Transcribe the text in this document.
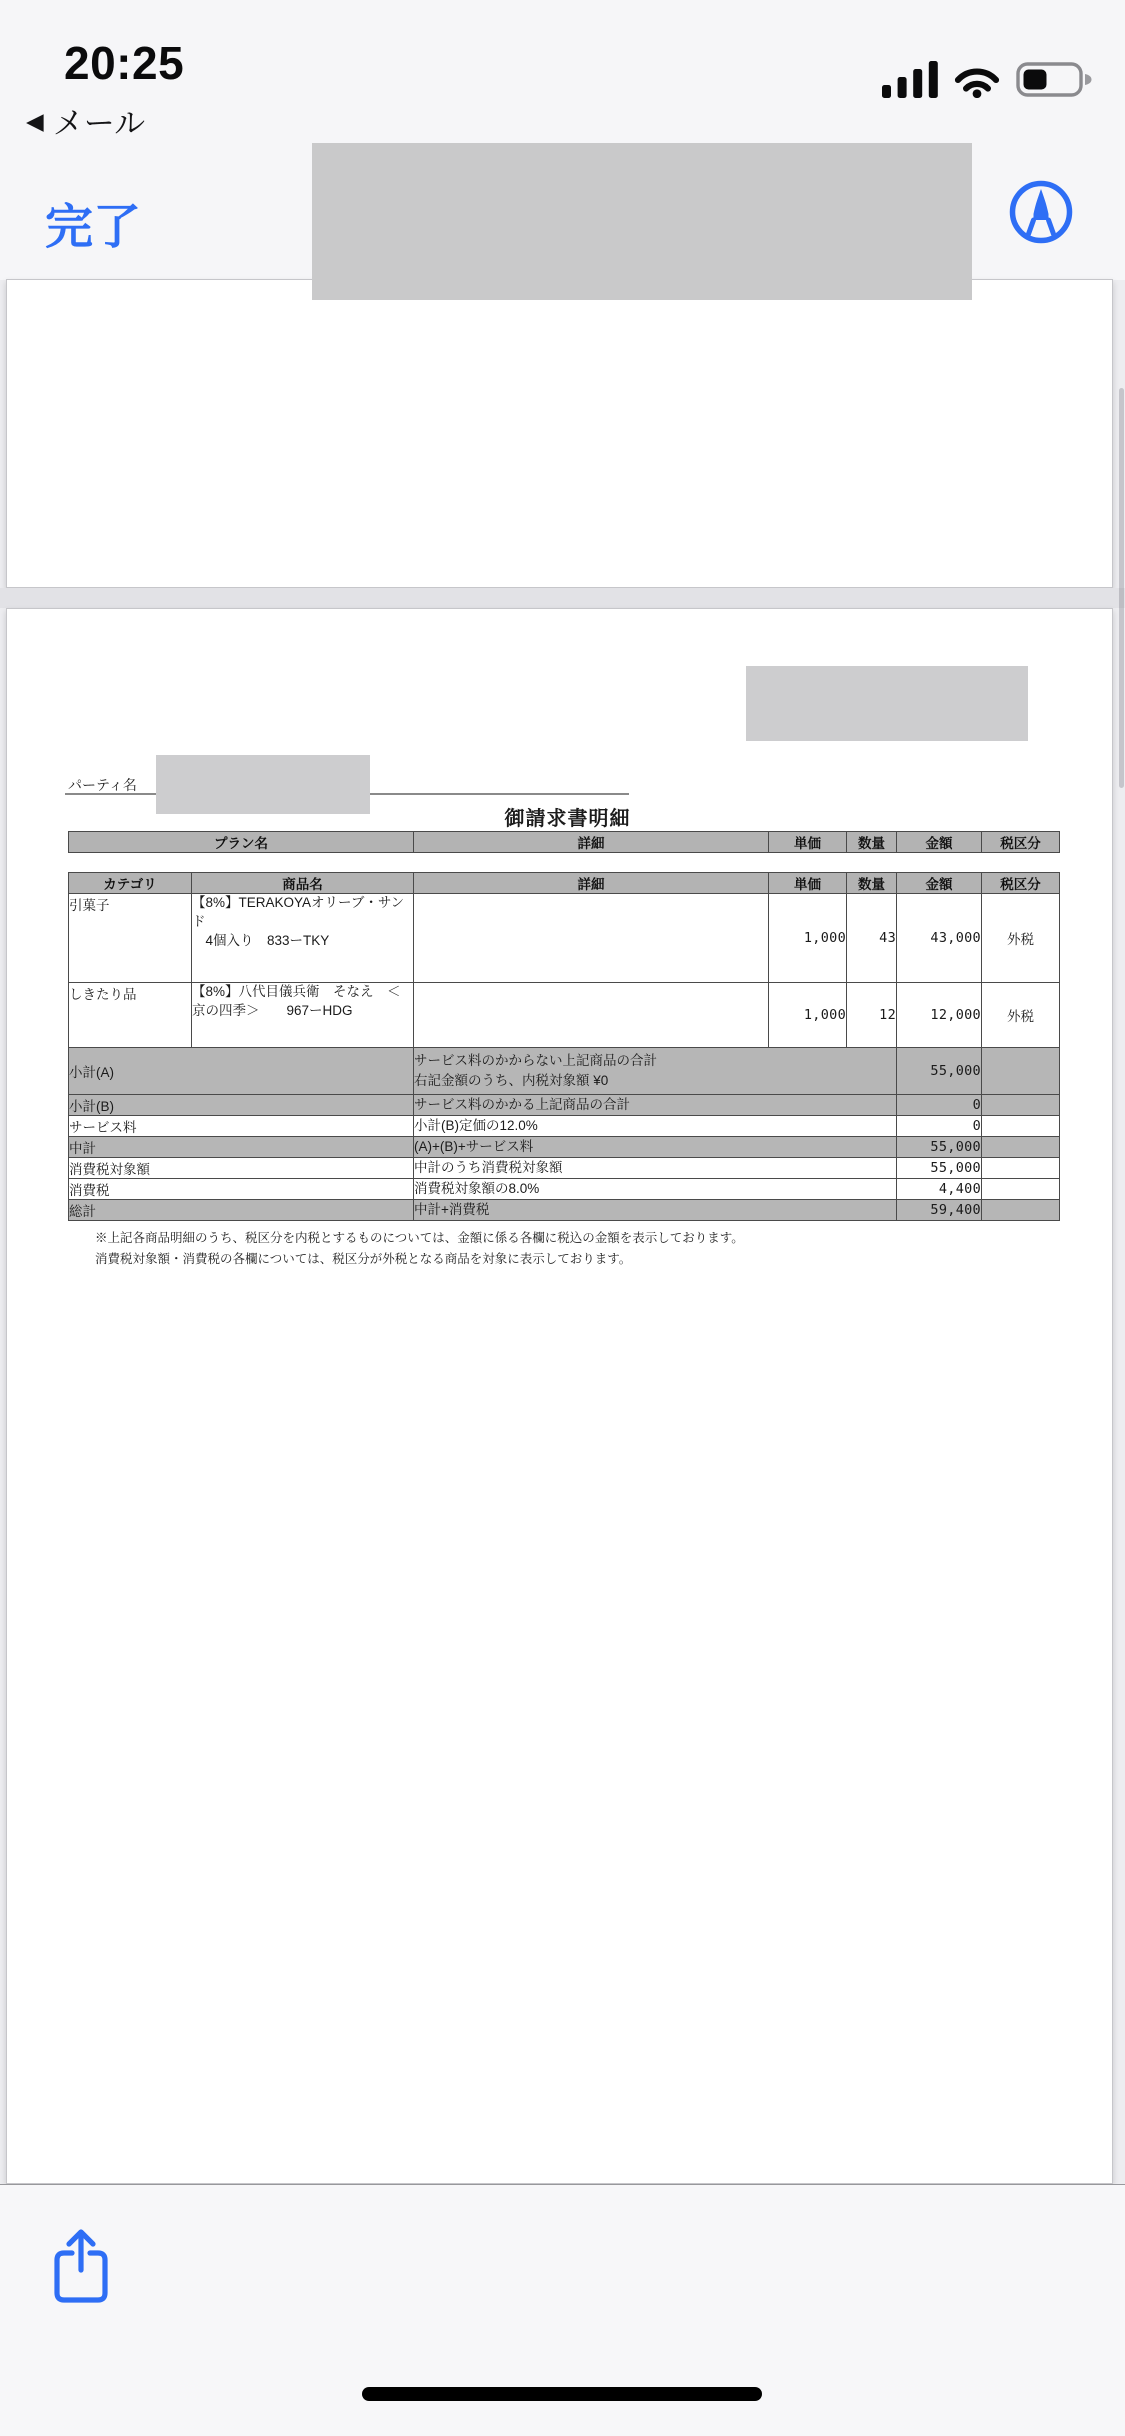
20:25
◀ メール
完了
パーティ名
御請求書明細
プラン名	詳細	単価	数量	金額	税区分
カテゴリ	商品名	詳細	単価	数量	金額	税区分
引菓子	【8%】TERAKOYAオリーブ・サンド
　4個入り　833ーTKY		1,000	43	43,000	外税
しきたり品	【8%】八代目儀兵衛　そなえ　＜
京の四季＞　　967ーHDG		1,000	12	12,000	外税
小計(A)		サービス料のかからない上記商品の合計
右記金額のうち、内税対象額 ¥0			55,000	
小計(B)		サービス料のかかる上記商品の合計			0	
サービス料		小計(B)定価の12.0%			0	
中計		(A)+(B)+サービス料			55,000	
消費税対象額		中計のうち消費税対象額			55,000	
消費税		消費税対象額の8.0%			4,400	
総計		中計+消費税			59,400	
※上記各商品明細のうち、税区分を内税とするものについては、金額に係る各欄に税込の金額を表示しております。
消費税対象額・消費税の各欄については、税区分が外税となる商品を対象に表示しております。
